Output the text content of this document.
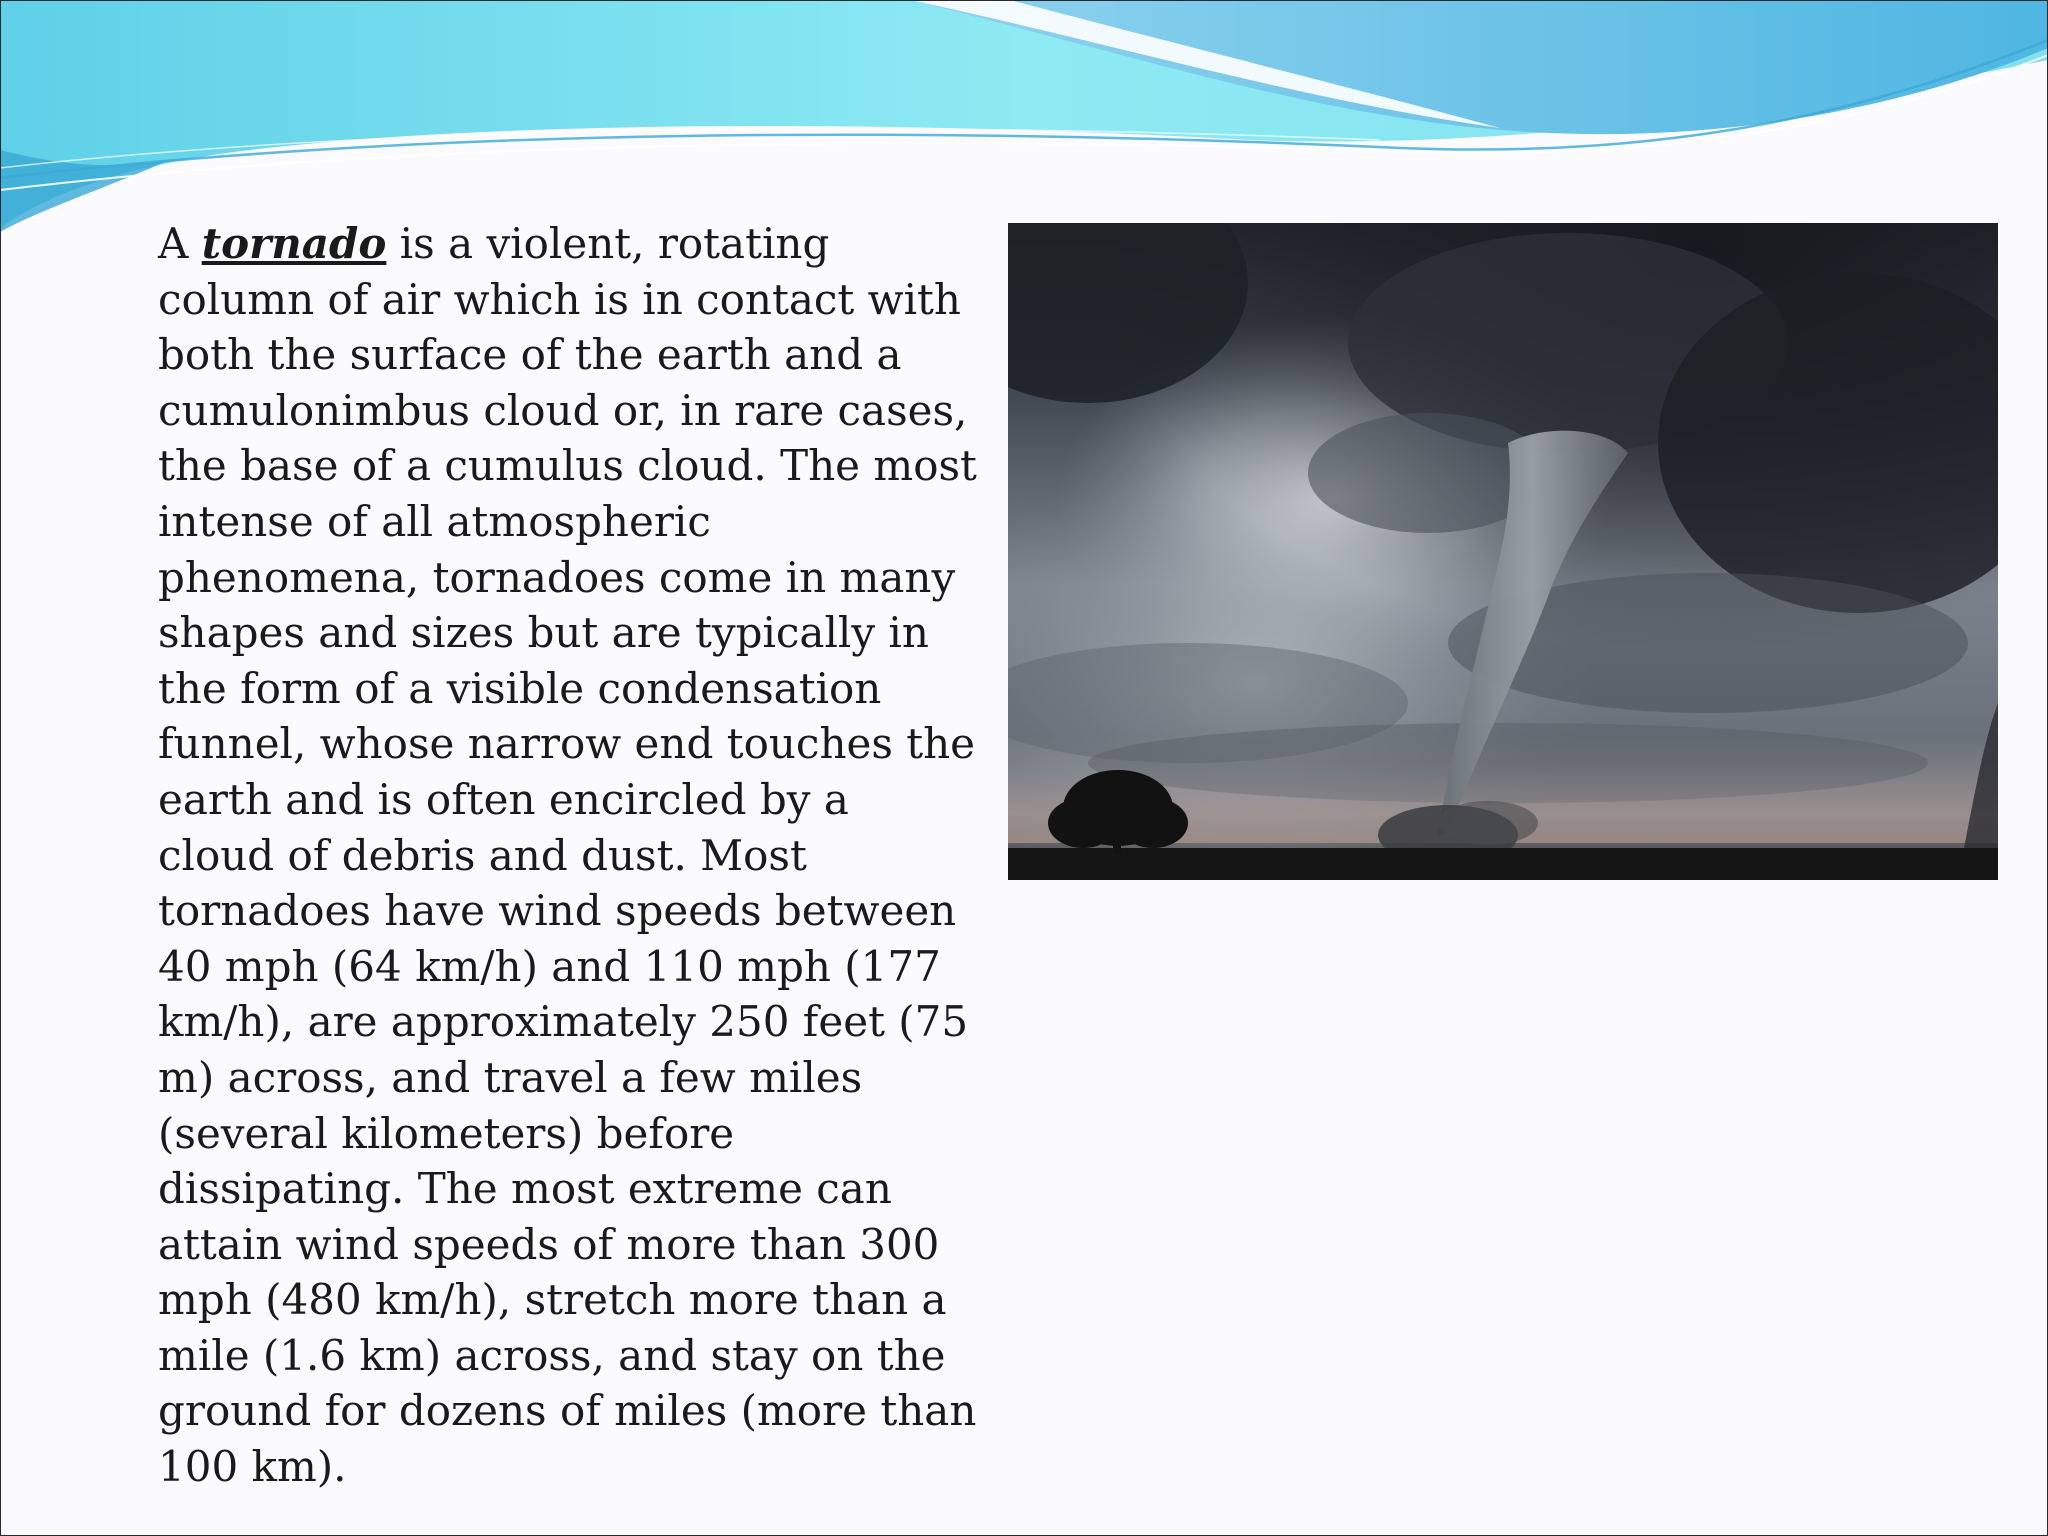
A tornado is a violent, rotating column of air which is in contact with both the surface of the earth and a cumulonimbus cloud or, in rare cases, the base of a cumulus cloud. The most intense of all atmospheric phenomena, tornadoes come in many shapes and sizes but are typically in the form of a visible condensation funnel, whose narrow end touches the earth and is often encircled by a cloud of debris and dust. Most tornadoes have wind speeds between 40 mph (64 km/h) and 110 mph (177 km/h), are approximately 250 feet (75 m) across, and travel a few miles (several kilometers) before dissipating. The most extreme can attain wind speeds of more than 300 mph (480 km/h), stretch more than a mile (1.6 km) across, and stay on the ground for dozens of miles (more than 100 km).
